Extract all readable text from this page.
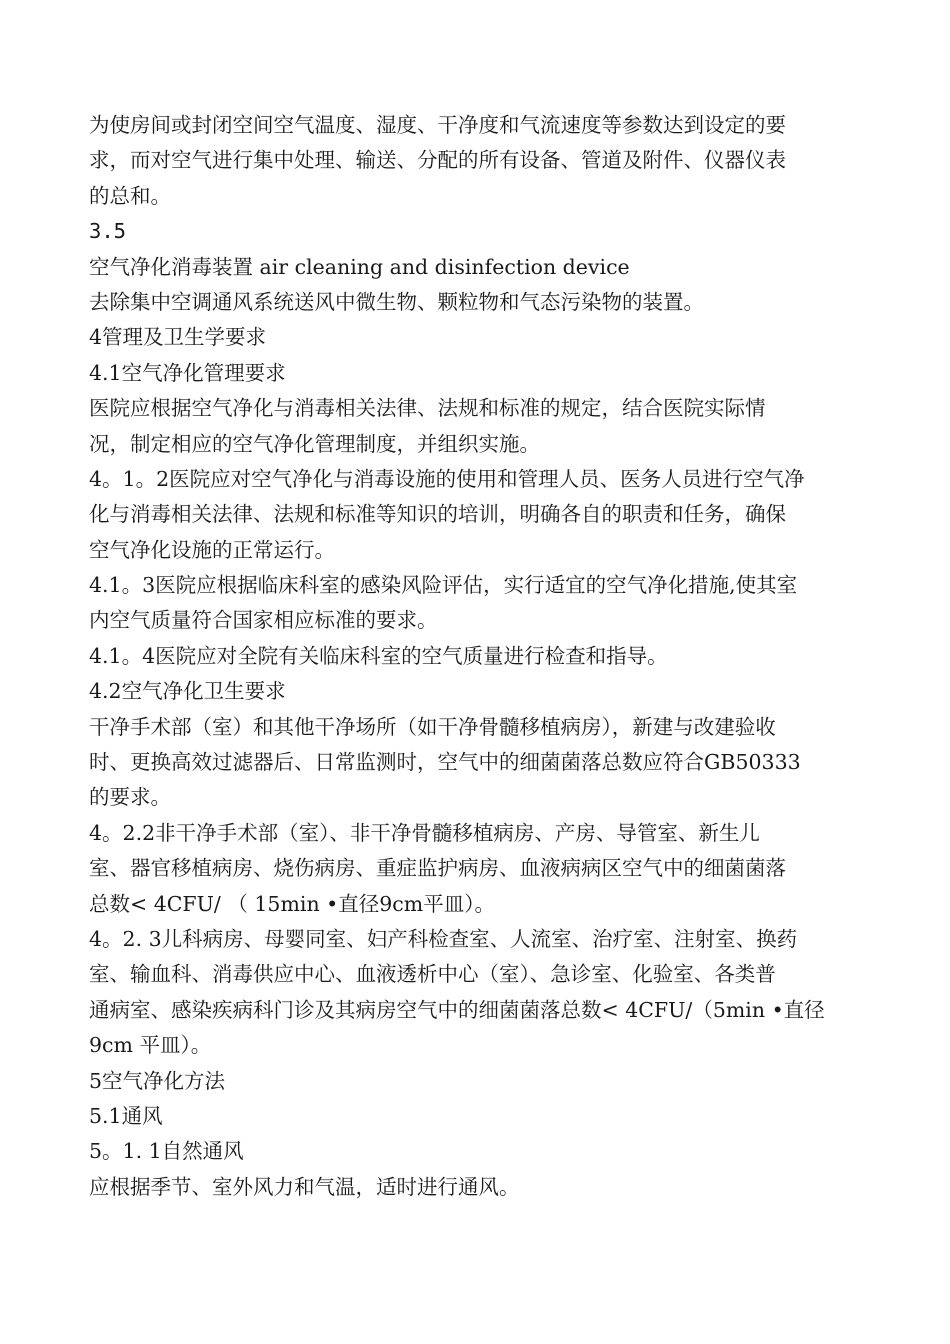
为使房间或封闭空间空气温度、湿度、干净度和气流速度等参数达到设定的要
求，而对空气进行集中处理、输送、分配的所有设备、管道及附件、仪器仪表
的总和。
3.5
空气净化消毒装置 air cleaning and disinfection device
去除集中空调通风系统送风中微生物、颗粒物和气态污染物的装置。
4管理及卫生学要求
4.1空气净化管理要求
医院应根据空气净化与消毒相关法律、法规和标准的规定，结合医院实际情
况，制定相应的空气净化管理制度，并组织实施。
4。1。2医院应对空气净化与消毒设施的使用和管理人员、医务人员进行空气净
化与消毒相关法律、法规和标准等知识的培训，明确各自的职责和任务，确保
空气净化设施的正常运行。
4.1。3医院应根据临床科室的感染风险评估，实行适宜的空气净化措施,使其室
内空气质量符合国家相应标准的要求。
4.1。4医院应对全院有关临床科室的空气质量进行检查和指导。
4.2空气净化卫生要求
干净手术部（室）和其他干净场所（如干净骨髓移植病房），新建与改建验收
时、更换高效过滤器后、日常监测时，空气中的细菌菌落总数应符合GB50333
的要求。
4。2.2非干净手术部（室）、非干净骨髓移植病房、产房、导管室、新生儿
室、器官移植病房、烧伤病房、重症监护病房、血液病病区空气中的细菌菌落
总数< 4CFU/ （ 15min •直径9cm平皿）。
4。2. 3儿科病房、母婴同室、妇产科检查室、人流室、治疗室、注射室、换药
室、输血科、消毒供应中心、血液透析中心（室）、急诊室、化验室、各类普
通病室、感染疾病科门诊及其病房空气中的细菌菌落总数< 4CFU/（5min •直径
9cm 平皿）。
5空气净化方法
5.1通风
5。1. 1自然通风
应根据季节、室外风力和气温，适时进行通风。
